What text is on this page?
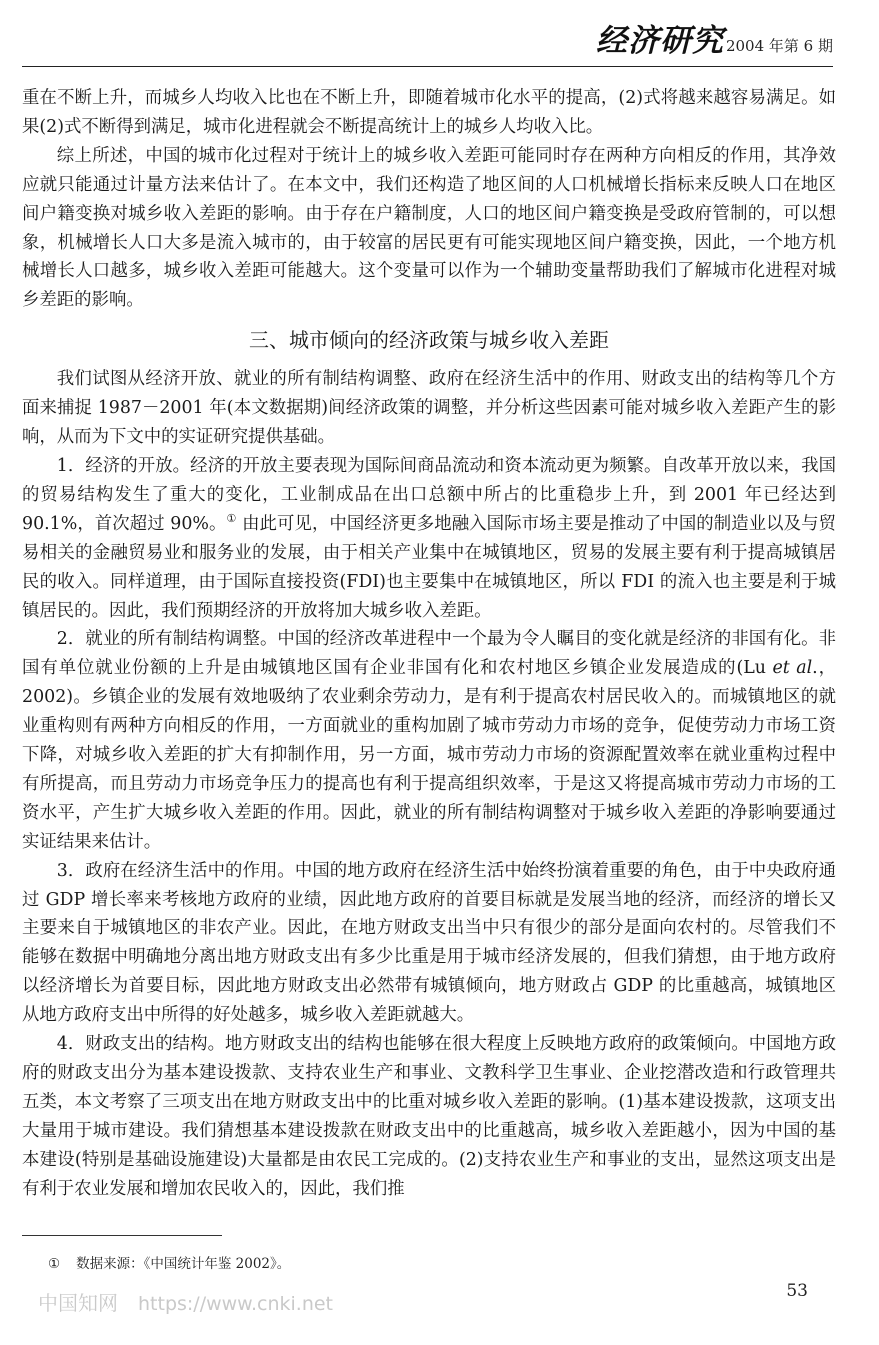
经济研究 2004 年第 6 期

重在不断上升，而城乡人均收入比也在不断上升，即随着城市化水平的提高，(2)式将越来越容易满足。如果(2)式不断得到满足，城市化进程就会不断提高统计上的城乡人均收入比。

综上所述，中国的城市化过程对于统计上的城乡收入差距可能同时存在两种方向相反的作用，其净效应就只能通过计量方法来估计了。在本文中，我们还构造了地区间的人口机械增长指标来反映人口在地区间户籍变换对城乡收入差距的影响。由于存在户籍制度，人口的地区间户籍变换是受政府管制的，可以想象，机械增长人口大多是流入城市的，由于较富的居民更有可能实现地区间户籍变换，因此，一个地方机械增长人口越多，城乡收入差距可能越大。这个变量可以作为一个辅助变量帮助我们了解城市化进程对城乡差距的影响。

三、城市倾向的经济政策与城乡收入差距

我们试图从经济开放、就业的所有制结构调整、政府在经济生活中的作用、财政支出的结构等几个方面来捕捉 1987－2001 年(本文数据期)间经济政策的调整，并分析这些因素可能对城乡收入差距产生的影响，从而为下文中的实证研究提供基础。

1．经济的开放。经济的开放主要表现为国际间商品流动和资本流动更为频繁。自改革开放以来，我国的贸易结构发生了重大的变化，工业制成品在出口总额中所占的比重稳步上升，到 2001 年已经达到 90.1%，首次超过 90%。① 由此可见，中国经济更多地融入国际市场主要是推动了中国的制造业以及与贸易相关的金融贸易业和服务业的发展，由于相关产业集中在城镇地区，贸易的发展主要有利于提高城镇居民的收入。同样道理，由于国际直接投资(FDI)也主要集中在城镇地区，所以 FDI 的流入也主要是利于城镇居民的。因此，我们预期经济的开放将加大城乡收入差距。

2．就业的所有制结构调整。中国的经济改革进程中一个最为令人瞩目的变化就是经济的非国有化。非国有单位就业份额的上升是由城镇地区国有企业非国有化和农村地区乡镇企业发展造成的(Lu et al.，2002)。乡镇企业的发展有效地吸纳了农业剩余劳动力，是有利于提高农村居民收入的。而城镇地区的就业重构则有两种方向相反的作用，一方面就业的重构加剧了城市劳动力市场的竞争，促使劳动力市场工资下降，对城乡收入差距的扩大有抑制作用，另一方面，城市劳动力市场的资源配置效率在就业重构过程中有所提高，而且劳动力市场竞争压力的提高也有利于提高组织效率，于是这又将提高城市劳动力市场的工资水平，产生扩大城乡收入差距的作用。因此，就业的所有制结构调整对于城乡收入差距的净影响要通过实证结果来估计。

3．政府在经济生活中的作用。中国的地方政府在经济生活中始终扮演着重要的角色，由于中央政府通过 GDP 增长率来考核地方政府的业绩，因此地方政府的首要目标就是发展当地的经济，而经济的增长又主要来自于城镇地区的非农产业。因此，在地方财政支出当中只有很少的部分是面向农村的。尽管我们不能够在数据中明确地分离出地方财政支出有多少比重是用于城市经济发展的，但我们猜想，由于地方政府以经济增长为首要目标，因此地方财政支出必然带有城镇倾向，地方财政占 GDP 的比重越高，城镇地区从地方政府支出中所得的好处越多，城乡收入差距就越大。

4．财政支出的结构。地方财政支出的结构也能够在很大程度上反映地方政府的政策倾向。中国地方政府的财政支出分为基本建设拨款、支持农业生产和事业、文教科学卫生事业、企业挖潜改造和行政管理共五类，本文考察了三项支出在地方财政支出中的比重对城乡收入差距的影响。(1)基本建设拨款，这项支出大量用于城市建设。我们猜想基本建设拨款在财政支出中的比重越高，城乡收入差距越小，因为中国的基本建设(特别是基础设施建设)大量都是由农民工完成的。(2)支持农业生产和事业的支出，显然这项支出是有利于农业发展和增加农民收入的，因此，我们推

① 数据来源：《中国统计年鉴 2002》。
中国知网 https://www.cnki.net
53
